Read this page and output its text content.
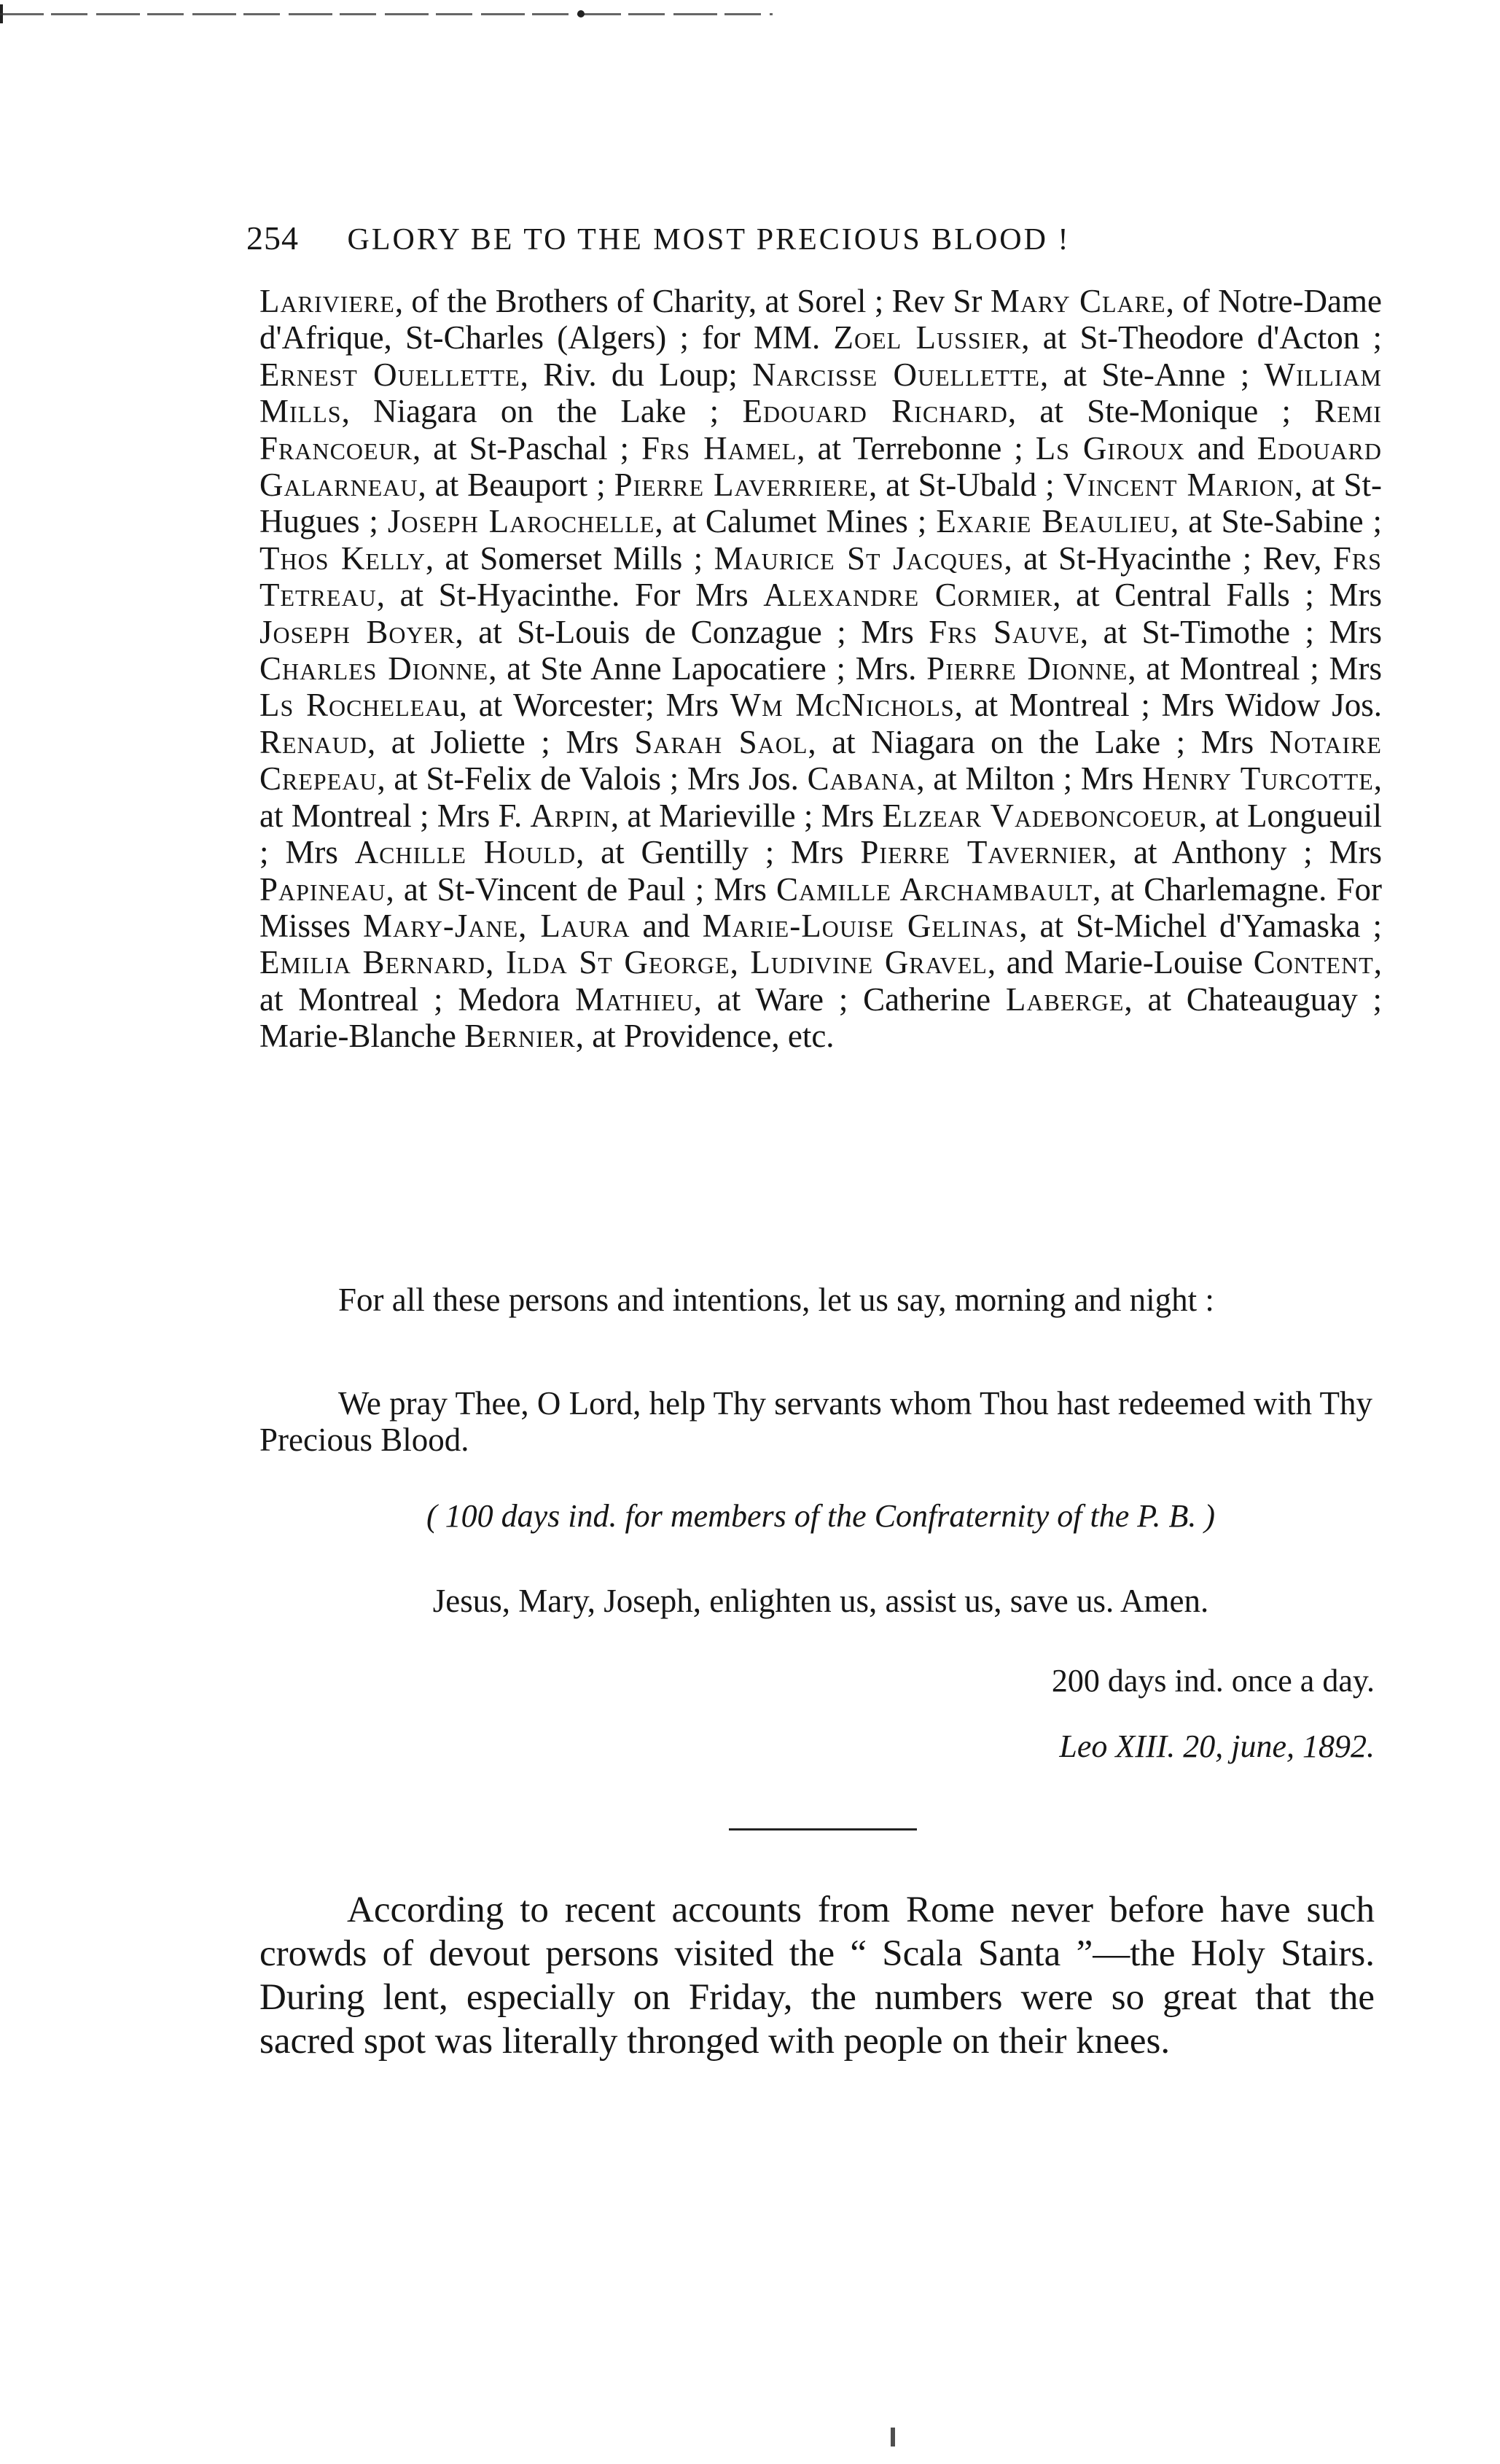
254 GLORY BE TO THE MOST PRECIOUS BLOOD !
Lariviere, of the Brothers of Charity, at Sorel ; Rev Sr Mary Clare, of Notre-Dame d'Afrique, St-Charles (Algers) ; for MM. Zoel Lussier, at St-Theodore d'Acton ; Ernest Ouellette, Riv. du Loup; Narcisse Ouellette, at Ste-Anne ; William Mills, Niagara on the Lake ; Edouard Richard, at Ste-Monique ; Remi Francoeur, at St-Paschal ; Frs Hamel, at Terrebonne ; Ls Giroux and Edouard Galarneau, at Beauport ; Pierre Laverriere, at St-Ubald ; Vincent Marion, at St-Hugues ; Joseph Larochelle, at Calumet Mines ; Exarie Beaulieu, at Ste-Sabine ; Thos Kelly, at Somerset Mills ; Maurice St Jacques, at St-Hyacinthe ; Rev, Frs Tetreau, at St-Hyacinthe. For Mrs Alexandre Cormier, at Central Falls ; Mrs Joseph Boyer, at St-Louis de Conzague ; Mrs Frs Sauve, at St-Timothe ; Mrs Charles Dionne, at Ste Anne Lapocatiere ; Mrs. Pierre Dionne, at Montreal ; Mrs Ls Rocheleau, at Worcester; Mrs Wm McNichols, at Montreal ; Mrs Widow Jos. Renaud, at Joliette ; Mrs Sarah Saol, at Niagara on the Lake ; Mrs Notaire Crepeau, at St-Felix de Valois ; Mrs Jos. Cabana, at Milton ; Mrs Henry Turcotte, at Montreal ; Mrs F. Arpin, at Marieville ; Mrs Elzear Vadeboncoeur, at Longueuil ; Mrs Achille Hould, at Gentilly ; Mrs Pierre Tavernier, at Anthony ; Mrs Papineau, at St-Vincent de Paul ; Mrs Camille Archambault, at Charlemagne. For Misses Mary-Jane, Laura and Marie-Louise Gelinas, at St-Michel d'Yamaska ; Emilia Bernard, Ilda St George, Ludivine Gravel, and Marie-Louise Content, at Montreal ; Medora Mathieu, at Ware ; Catherine Laberge, at Chateauguay ; Marie-Blanche Bernier, at Providence, etc.
For all these persons and intentions, let us say, morning and night :
We pray Thee, O Lord, help Thy servants whom Thou hast redeemed with Thy Precious Blood.
( 100 days ind. for members of the Confraternity of the P. B. )
Jesus, Mary, Joseph, enlighten us, assist us, save us. Amen.
200 days ind. once a day.
Leo XIII. 20, june, 1892.
According to recent accounts from Rome never before have such crowds of devout persons visited the “ Scala Santa ”—the Holy Stairs. During lent, especially on Friday, the numbers were so great that the sacred spot was literally thronged with people on their knees.
